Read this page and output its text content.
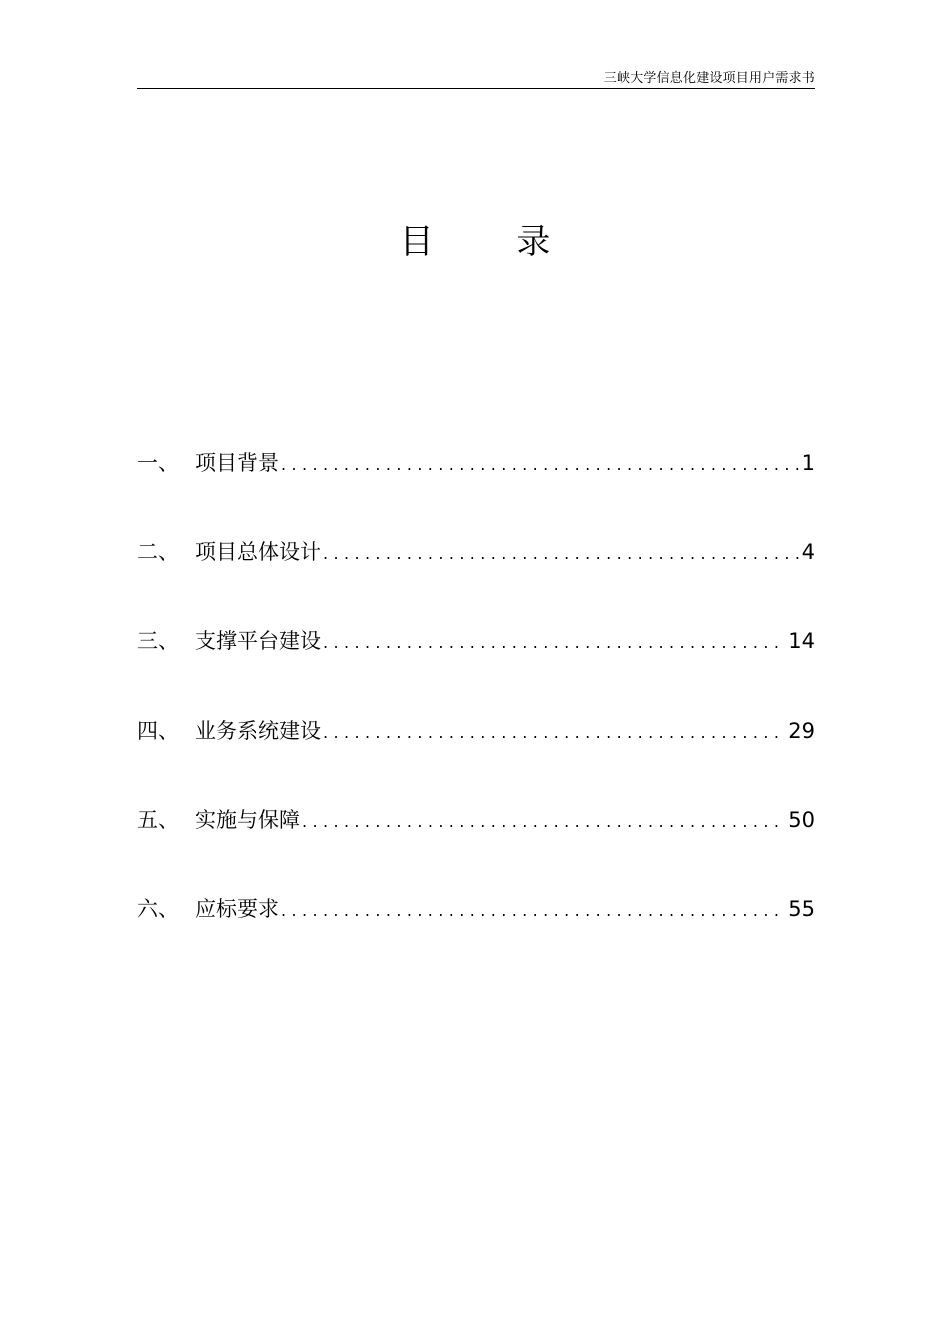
三峡大学信息化建设项目用户需求书
目 录
一、 项目背景 .....	1
二、 项目总体设计 .....	4
三、 支撑平台建设 .....	14
四、 业务系统建设 .....	29
五、 实施与保障 .....	50
六、 应标要求 .....	55
